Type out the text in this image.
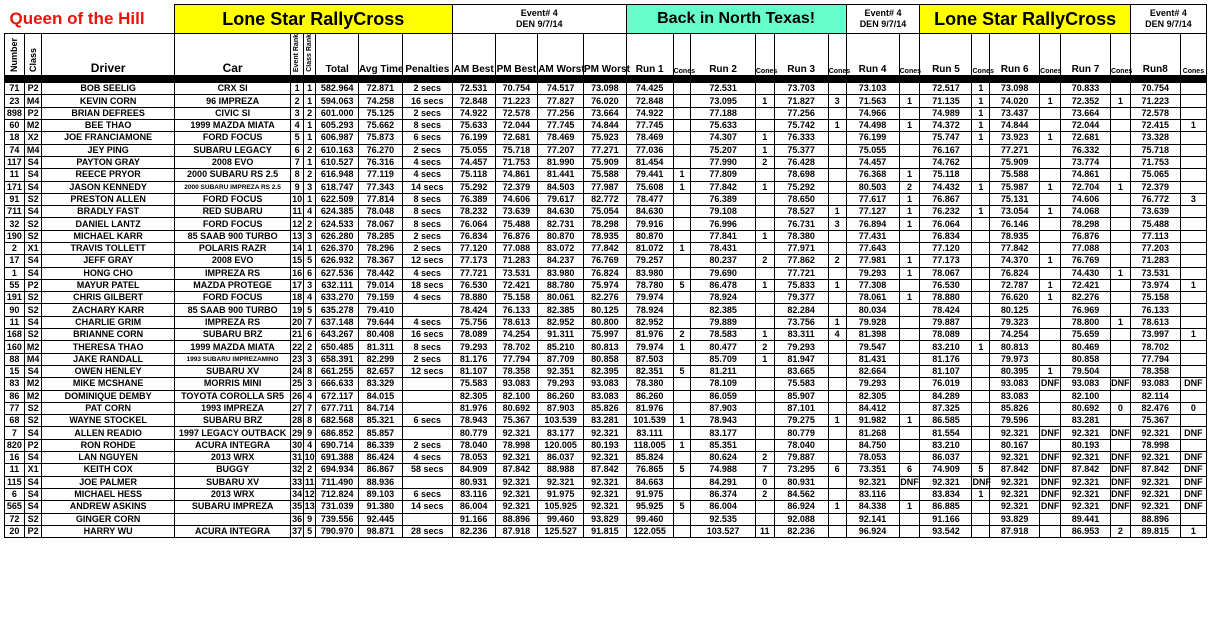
Queen of the Hill			Lone Star RallyCross						Event# 4
DEN 9/7/14				Back in North Texas!						Event# 4
DEN 9/7/14		Lone Star RallyCross						Event# 4
DEN 9/7/14	
Number	Class	Driver	Car	Event Rank	Class Rank	Total	Avg Time	Penalties	AM Best	PM Best	AM Worst	PM Worst	Run 1	Cones	Run 2	Cones	Run 3	Cones	Run 4	Cones	Run 5	Cones	Run 6	Cones	Run 7	Cones	Run8	Cones

71	P2	BOB SEELIG	CRX SI	1	1	582.964	72.871	2 secs	72.531	70.754	74.517	73.098	74.425		72.531		73.703		73.103		72.517	1	73.098		70.833		70.754	
23	M4	KEVIN CORN	96 IMPREZA	2	1	594.063	74.258	16 secs	72.848	71.223	77.827	76.020	72.848		73.095	1	71.827	3	71.563	1	71.135	1	74.020	1	72.352	1	71.223	
898	P2	BRIAN DEFREES	CIVIC SI	3	2	601.000	75.125	2 secs	74.922	72.578	77.256	73.664	74.922		77.188		77.256		74.966		74.989	1	73.437		73.664		72.578	
60	M2	BEE THAO	1999 MAZDA MIATA	4	1	605.293	75.662	8 secs	75.633	72.044	77.745	74.844	77.745		75.633		75.742	1	74.498	1	74.372	1	74.844		72.044		72.415	1
18	X2	JOE FRANCIAMONE	FORD FOCUS	5	1	606.987	75.873	6 secs	76.199	72.681	78.469	75.923	78.469		74.307	1	76.333		76.199		75.747	1	73.923	1	72.681		73.328	
74	M4	JEY PING	SUBARU LEGACY	6	2	610.163	76.270	2 secs	75.055	75.718	77.207	77.271	77.036		75.207	1	75.377		75.055		76.167		77.271		76.332		75.718	
117	S4	PAYTON GRAY	2008 EVO	7	1	610.527	76.316	4 secs	74.457	71.753	81.990	75.909	81.454		77.990	2	76.428		74.457		74.762		75.909		73.774		71.753	
11	S4	REECE PRYOR	2000 SUBARU RS 2.5	8	2	616.948	77.119	4 secs	75.118	74.861	81.441	75.588	79.441	1	77.809		78.698		76.368	1	75.118		75.588		74.861		75.065	
171	S4	JASON KENNEDY	2000 SUBARU IMPREZA RS 2.5	9	3	618.747	77.343	14 secs	75.292	72.379	84.503	77.987	75.608	1	77.842	1	75.292		80.503	2	74.432	1	75.987	1	72.704	1	72.379	
91	S2	PRESTON ALLEN	FORD FOCUS	10	1	622.509	77.814	8 secs	76.389	74.606	79.617	82.772	78.477		76.389		78.650		77.617	1	76.867		75.131		74.606		76.772	3
711	S4	BRADLY FAST	RED SUBARU	11	4	624.385	78.048	8 secs	78.232	73.639	84.630	75.054	84.630		79.108		78.527	1	77.127	1	76.232	1	73.054	1	74.068		73.639	
32	S2	DANIEL LANTZ	FORD FOCUS	12	2	624.533	78.067	8 secs	76.064	75.488	82.731	78.298	79.916		76.996		76.731	3	76.894	1	76.064		76.146		78.298		75.488	
190	S2	MICHAEL KARR	85 SAAB 900 TURBO	13	3	626.280	78.285	2 secs	76.834	76.876	80.870	78.935	80.870		77.841	1	78.380		77.431		76.834		78.935		76.876		77.113	
2	X1	TRAVIS TOLLETT	POLARIS RAZR	14	1	626.370	78.296	2 secs	77.120	77.088	83.072	77.842	81.072	1	78.431		77.971		77.643		77.120		77.842		77.088		77.203	
17	S4	JEFF GRAY	2008 EVO	15	5	626.932	78.367	12 secs	77.173	71.283	84.237	76.769	79.257		80.237	2	77.862	2	77.981	1	77.173		74.370	1	76.769		71.283	
1	S4	HONG CHO	IMPREZA RS	16	6	627.536	78.442	4 secs	77.721	73.531	83.980	76.824	83.980		79.690		77.721		79.293	1	78.067		76.824		74.430	1	73.531	
55	P2	MAYUR PATEL	MAZDA PROTEGE	17	3	632.111	79.014	18 secs	76.530	72.421	88.780	75.974	78.780	5	86.478	1	75.833	1	77.308		76.530		72.787	1	72.421		73.974	1
191	S2	CHRIS GILBERT	FORD FOCUS	18	4	633.270	79.159	4 secs	78.880	75.158	80.061	82.276	79.974		78.924		79.377		78.061	1	78.880		76.620	1	82.276		75.158	
90	S2	ZACHARY KARR	85 SAAB 900 TURBO	19	5	635.278	79.410		78.424	76.133	82.385	80.125	78.924		82.385		82.284		80.034		78.424		80.125		76.969		76.133	
11	S4	CHARLIE GRIM	IMPREZA RS	20	7	637.148	79.644	4 secs	75.756	78.613	82.952	80.800	82.952		79.889		73.756	1	79.928		79.887		79.323		78.800	1	78.613	
168	S2	BRIANNE CORN	SUBARU BRZ	21	6	643.267	80.408	16 secs	78.089	74.254	91.311	75.997	81.976	2	78.583	1	83.311	4	81.398		78.089		74.254		75.659		73.997	1
160	M2	THERESA THAO	1999 MAZDA MIATA	22	2	650.485	81.311	8 secs	79.293	78.702	85.210	80.813	79.974	1	80.477	2	79.293		79.547		83.210	1	80.813		80.469		78.702	
88	M4	JAKE RANDALL	1993 SUBARU IMPREZAMINO	23	3	658.391	82.299	2 secs	81.176	77.794	87.709	80.858	87.503		85.709	1	81.947		81.431		81.176		79.973		80.858		77.794	
15	S4	OWEN HENLEY	SUBARU XV	24	8	661.255	82.657	12 secs	81.107	78.358	92.351	82.395	82.351	5	81.211		83.665		82.664		81.107		80.395	1	79.504		78.358	
83	M2	MIKE MCSHANE	MORRIS MINI	25	3	666.633	83.329		75.583	93.083	79.293	93.083	78.380		78.109		75.583		79.293		76.019		93.083	DNF	93.083	DNF	93.083	DNF
86	M2	DOMINIQUE DEMBY	TOYOTA COROLLA SR5	26	4	672.117	84.015		82.305	82.100	86.260	83.083	86.260		86.059		85.907		82.305		84.289		83.083		82.100		82.114	
77	S2	PAT CORN	1993 IMPREZA	27	7	677.711	84.714		81.976	80.692	87.903	85.826	81.976		87.903		87.101		84.412		87.325		85.826		80.692	0	82.476	0
68	S2	WAYNE STOCKEL	SUBARU BRZ	28	8	682.568	85.321	6 secs	78.943	75.367	103.539	83.281	101.539	1	78.943		79.275	1	91.982	1	86.585		79.596		83.281		75.367	
7	S4	ALLEN READIO	1997 LEGACY OUTBACK	29	9	686.852	85.857		80.779	92.321	83.177	92.321	83.111		83.177		80.779		81.268		81.554		92.321	DNF	92.321	DNF	92.321	DNF
820	P2	RON ROHDE	ACURA INTEGRA	30	4	690.714	86.339	2 secs	78.040	78.998	120.005	80.193	118.005	1	85.351		78.040		84.750		83.210		80.167		80.193		78.998	
16	S4	LAN NGUYEN	2013 WRX	31	10	691.388	86.424	4 secs	78.053	92.321	86.037	92.321	85.824		80.624	2	79.887		78.053		86.037		92.321	DNF	92.321	DNF	92.321	DNF
11	X1	KEITH COX	BUGGY	32	2	694.934	86.867	58 secs	84.909	87.842	88.988	87.842	76.865	5	74.988	7	73.295	6	73.351	6	74.909	5	87.842	DNF	87.842	DNF	87.842	DNF
115	S4	JOE PALMER	SUBARU XV	33	11	711.490	88.936		80.931	92.321	92.321	92.321	84.663		84.291	0	80.931		92.321	DNF	92.321	DNF	92.321	DNF	92.321	DNF	92.321	DNF
6	S4	MICHAEL HESS	2013 WRX	34	12	712.824	89.103	6 secs	83.116	92.321	91.975	92.321	91.975		86.374	2	84.562		83.116		83.834	1	92.321	DNF	92.321	DNF	92.321	DNF
565	S4	ANDREW ASKINS	SUBARU IMPREZA	35	13	731.039	91.380	14 secs	86.004	92.321	105.925	92.321	95.925	5	86.004		86.924	1	84.338	1	86.885		92.321	DNF	92.321	DNF	92.321	DNF
72	S2	GINGER CORN		36	9	739.556	92.445		91.166	88.896	99.460	93.829	99.460		92.535		92.088		92.141		91.166		93.829		89.441		88.896	
20	P2	HARRY WU	ACURA INTEGRA	37	5	790.970	98.871	28 secs	82.236	87.918	125.527	91.815	122.055		103.527	11	82.236		96.924		93.542		87.918		86.953	2	89.815	1
